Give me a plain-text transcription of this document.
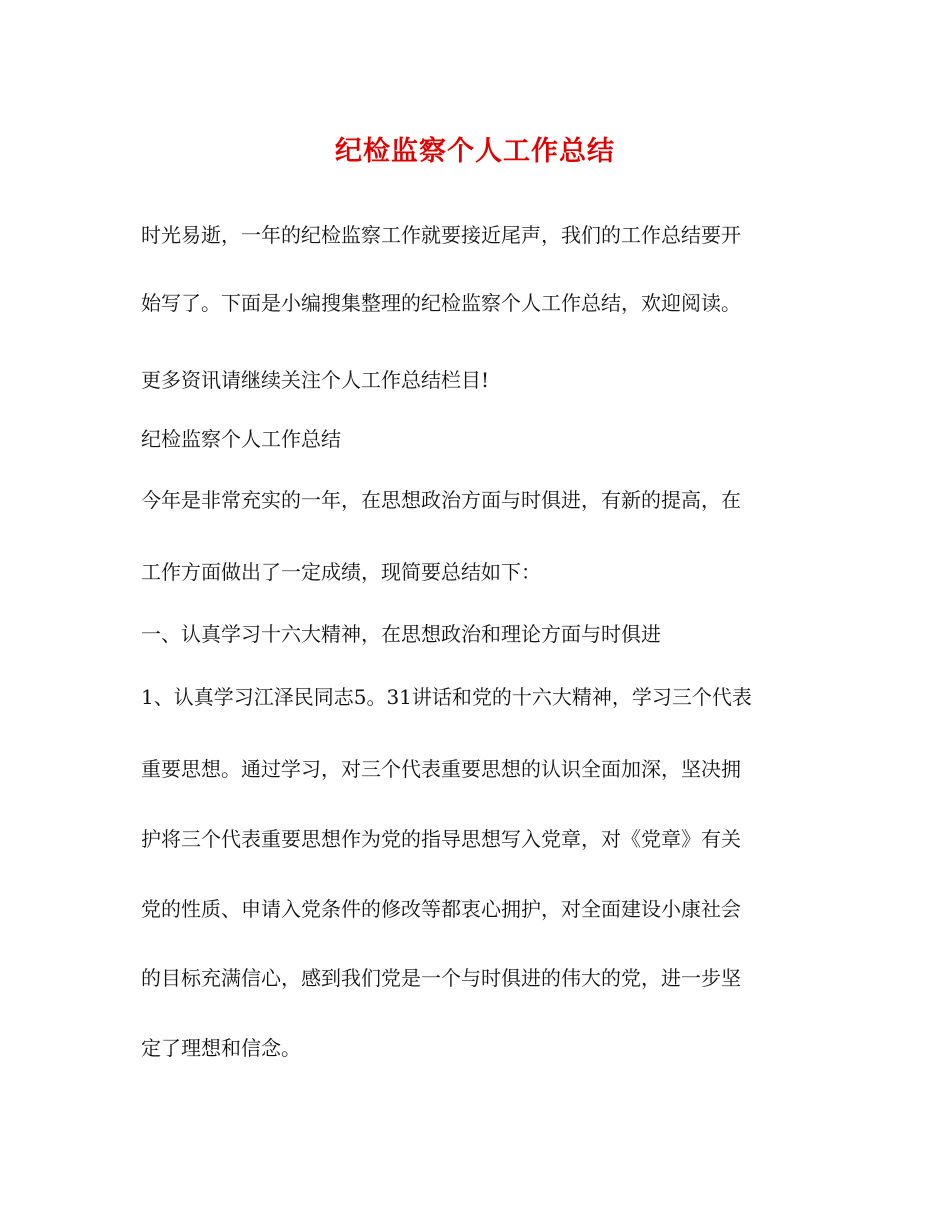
纪检监察个人工作总结
时光易逝，一年的纪检监察工作就要接近尾声，我们的工作总结要开
始写了。下面是小编搜集整理的纪检监察个人工作总结，欢迎阅读。
更多资讯请继续关注个人工作总结栏目!
纪检监察个人工作总结
今年是非常充实的一年，在思想政治方面与时俱进，有新的提高，在
工作方面做出了一定成绩，现简要总结如下：
一、认真学习十六大精神，在思想政治和理论方面与时俱进
1、认真学习江泽民同志5。31讲话和党的十六大精神，学习三个代表
重要思想。通过学习，对三个代表重要思想的认识全面加深，坚决拥
护将三个代表重要思想作为党的指导思想写入党章，对《党章》有关
党的性质、申请入党条件的修改等都衷心拥护，对全面建设小康社会
的目标充满信心，感到我们党是一个与时俱进的伟大的党，进一步坚
定了理想和信念。
